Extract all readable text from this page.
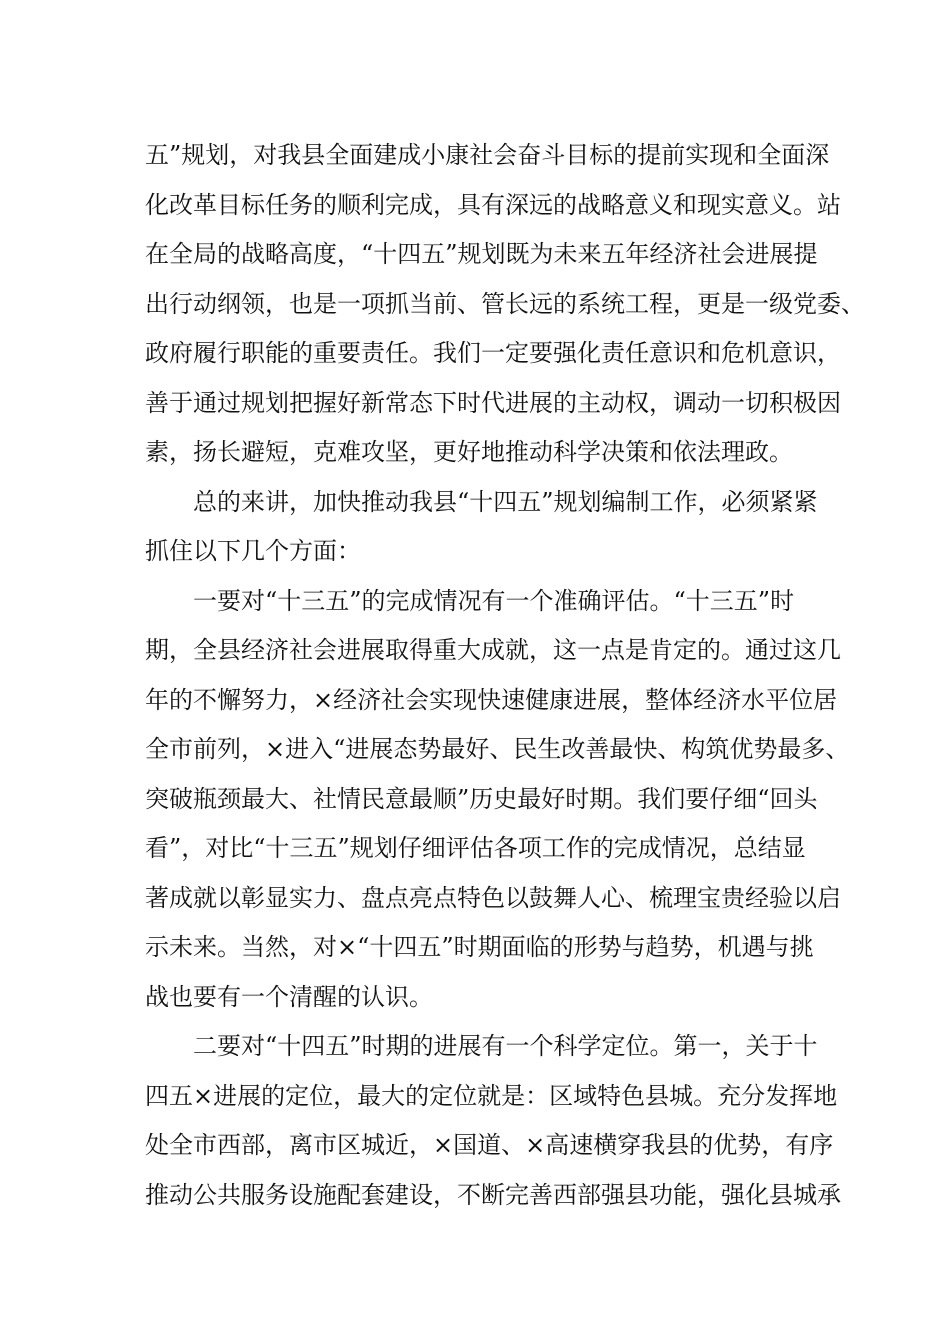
五”规划，对我县全面建成小康社会奋斗目标的提前实现和全面深
化改革目标任务的顺利完成，具有深远的战略意义和现实意义。站
在全局的战略高度，“十四五”规划既为未来五年经济社会进展提
出行动纲领，也是一项抓当前、管长远的系统工程，更是一级党委、
政府履行职能的重要责任。我们一定要强化责任意识和危机意识，
善于通过规划把握好新常态下时代进展的主动权，调动一切积极因
素，扬长避短，克难攻坚，更好地推动科学决策和依法理政。
总的来讲，加快推动我县“十四五”规划编制工作，必须紧紧
抓住以下几个方面：
一要对“十三五”的完成情况有一个准确评估。“十三五”时
期，全县经济社会进展取得重大成就，这一点是肯定的。通过这几
年的不懈努力，×经济社会实现快速健康进展，整体经济水平位居
全市前列，×进入“进展态势最好、民生改善最快、构筑优势最多、
突破瓶颈最大、社情民意最顺”历史最好时期。我们要仔细“回头
看”，对比“十三五”规划仔细评估各项工作的完成情况，总结显
著成就以彰显实力、盘点亮点特色以鼓舞人心、梳理宝贵经验以启
示未来。当然，对×“十四五”时期面临的形势与趋势，机遇与挑
战也要有一个清醒的认识。
二要对“十四五”时期的进展有一个科学定位。第一，关于十
四五×进展的定位，最大的定位就是：区域特色县城。充分发挥地
处全市西部，离市区城近，×国道、×高速横穿我县的优势，有序
推动公共服务设施配套建设，不断完善西部强县功能，强化县城承
